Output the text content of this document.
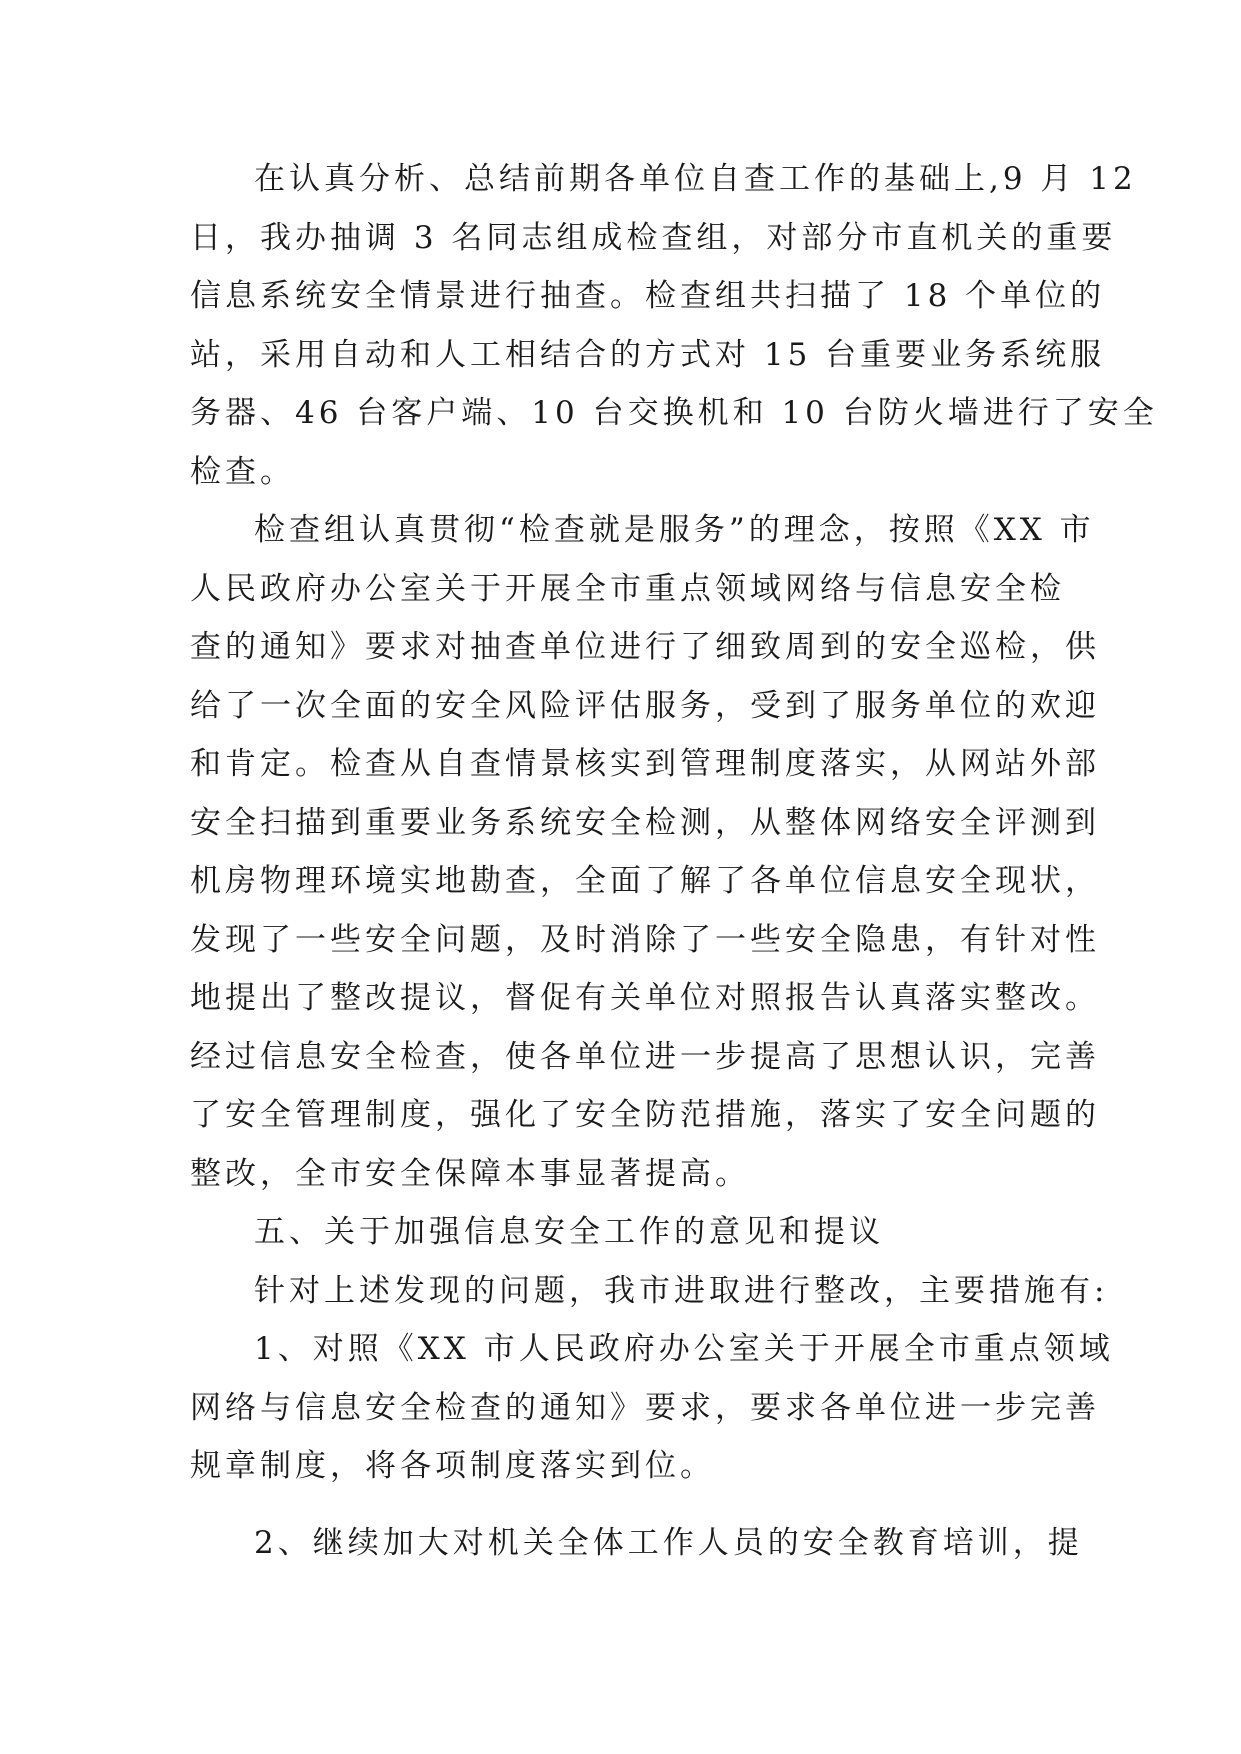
在认真分析、总结前期各单位自查工作的基础上,9 月 12
日，我办抽调 3 名同志组成检查组，对部分市直机关的重要
信息系统安全情景进行抽查。检查组共扫描了 18 个单位的
站，采用自动和人工相结合的方式对 15 台重要业务系统服
务器、46 台客户端、10 台交换机和 10 台防火墙进行了安全
检查。
检查组认真贯彻“检查就是服务”的理念，按照《XX 市
人民政府办公室关于开展全市重点领域网络与信息安全检
查的通知》要求对抽查单位进行了细致周到的安全巡检，供
给了一次全面的安全风险评估服务，受到了服务单位的欢迎
和肯定。检查从自查情景核实到管理制度落实，从网站外部
安全扫描到重要业务系统安全检测，从整体网络安全评测到
机房物理环境实地勘查，全面了解了各单位信息安全现状，
发现了一些安全问题，及时消除了一些安全隐患，有针对性
地提出了整改提议，督促有关单位对照报告认真落实整改。
经过信息安全检查，使各单位进一步提高了思想认识，完善
了安全管理制度，强化了安全防范措施，落实了安全问题的
整改，全市安全保障本事显著提高。
五、关于加强信息安全工作的意见和提议
针对上述发现的问题，我市进取进行整改，主要措施有:
1、对照《XX 市人民政府办公室关于开展全市重点领域
网络与信息安全检查的通知》要求，要求各单位进一步完善
规章制度，将各项制度落实到位。
2、继续加大对机关全体工作人员的安全教育培训，提
